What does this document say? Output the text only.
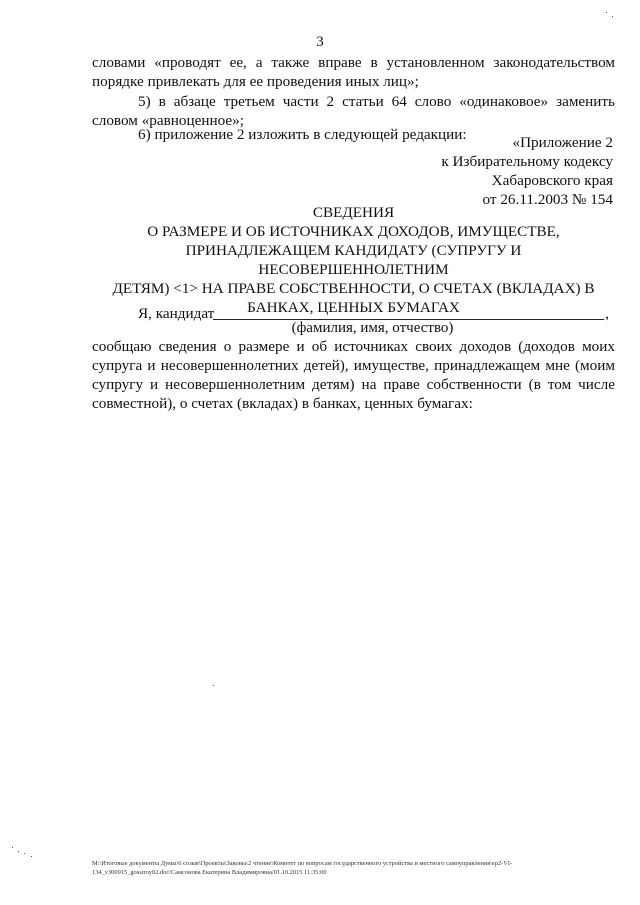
3
словами «проводят ее, а также вправе в установленном законодательством порядке привлекать для ее проведения иных лиц»;
5) в абзаце третьем части 2 статьи 64 слово «одинаковое» заменить словом «равноценное»;
6) приложение 2 изложить в следующей редакции:	«Приложение 2
к Избирательному кодексу
Хабаровского края
от 26.11.2003 № 154
СВЕДЕНИЯ
О РАЗМЕРЕ И ОБ ИСТОЧНИКАХ ДОХОДОВ, ИМУЩЕСТВЕ,
ПРИНАДЛЕЖАЩЕМ КАНДИДАТУ (СУПРУГУ И НЕСОВЕРШЕННОЛЕТНИМ
ДЕТЯМ) <1> НА ПРАВЕ СОБСТВЕННОСТИ, О СЧЕТАХ (ВКЛАДАХ) В
БАНКАХ, ЦЕННЫХ БУМАГАХ
Я, кандидат	,
(фамилия, имя, отчество)
сообщаю сведения о размере и об источниках своих доходов (доходов моих супруга и несовершеннолетних детей), имуществе, принадлежащем мне (моим супругу и несовершеннолетним детям) на праве собственности (в том числе совместной), о счетах (вкладах) в банках, ценных бумагах:
М:\Итоговые документы Думы\6 созыв\Проекты\Законы\2 чтение\Комитет по вопросам государственного устройства и местного самоуправления\ep2-VI-
134_v300915_gosstroy02.doc/Самсонова Екатерина Владимировна/01.10.2015 11:35:00
